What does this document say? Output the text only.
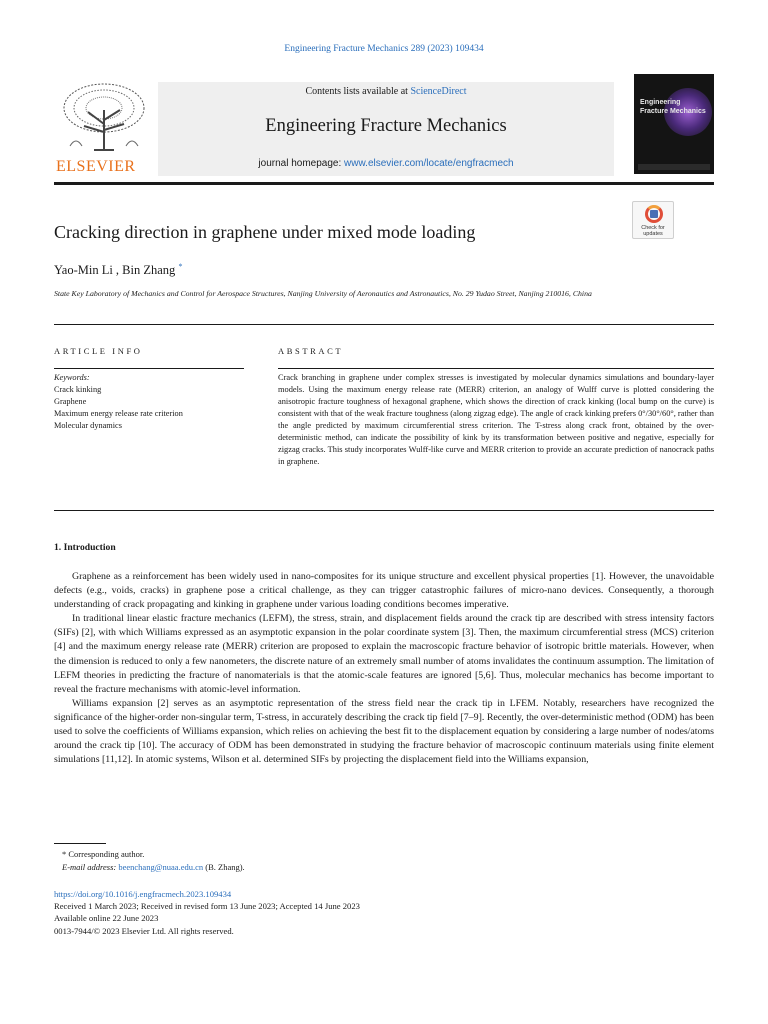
Engineering Fracture Mechanics 289 (2023) 109434
ELSEVIER
Contents lists available at ScienceDirect
Engineering Fracture Mechanics
journal homepage: www.elsevier.com/locate/engfracmech
Engineering
Fracture Mechanics
Cracking direction in graphene under mixed mode loading	Check for
updates
Yao-Min Li , Bin Zhang *
State Key Laboratory of Mechanics and Control for Aerospace Structures, Nanjing University of Aeronautics and Astronautics, No. 29 Yudao Street, Nanjing 210016, China
ARTICLE INFO	ABSTRACT
Keywords:
Crack kinking
Graphene
Maximum energy release rate criterion
Molecular dynamics
Crack branching in graphene under complex stresses is investigated by molecular dynamics simulations and boundary-layer models. Using the maximum energy release rate (MERR) criterion, an analogy of Wulff curve is plotted considering the anisotropic fracture toughness of hexagonal graphene, which shows the direction of crack kinking (local bump on the curve) is consistent with that of the weak fracture toughness (along zigzag edge). The angle of crack kinking prefers 0°/30°/60°, rather than the angle predicted by maximum circumferential stress criterion. The T-stress along crack front, obtained by the over-deterministic method, can indicate the possibility of kink by its transformation between positive and negative, especially for zigzag cracks. This study incorporates Wulff-like curve and MERR criterion to provide an accurate prediction of nanocrack paths in graphene.
1. Introduction

Graphene as a reinforcement has been widely used in nano-composites for its unique structure and excellent physical properties [1]. However, the unavoidable defects (e.g., voids, cracks) in graphene pose a critical challenge, as they can trigger catastrophic failures of micro-nano devices. Consequently, a thorough understanding of crack propagating and kinking in graphene under various loading conditions becomes imperative.

In traditional linear elastic fracture mechanics (LEFM), the stress, strain, and displacement fields around the crack tip are described with stress intensity factors (SIFs) [2], with which Williams expressed as an asymptotic expansion in the polar coordinate system [3]. Then, the maximum circumferential stress (MCS) criterion [4] and the maximum energy release rate (MERR) criterion are proposed to explain the macroscopic fracture behavior of isotropic brittle materials. However, when the dimension is reduced to only a few nanometers, the discrete nature of an extremely small number of atoms invalidates the continuum assumption. The limitation of LEFM theories in predicting the fracture of nanomaterials is that the atomic-scale features are ignored [5,6]. Thus, molecular mechanics has become important to reveal the fracture mechanisms with atomic-level information.

Williams expansion [2] serves as an asymptotic representation of the stress field near the crack tip in LFEM. Notably, researchers have recognized the significance of the higher-order non-singular term, T-stress, in accurately describing the crack tip field [7–9]. Recently, the over-deterministic method (ODM) has been used to solve the coefficients of Williams expansion, which relies on achieving the best fit to the displacement equation by considering a large number of nodes/atoms around the crack tip [10]. The accuracy of ODM has been demonstrated in studying the fracture behavior of macroscopic continuum materials using finite element simulations [11,12]. In atomic systems, Wilson et al. determined SIFs by projecting the displacement field into the Williams expansion,

* Corresponding author.
E-mail address: beenchang@nuaa.edu.cn (B. Zhang).
https://doi.org/10.1016/j.engfracmech.2023.109434
Received 1 March 2023; Received in revised form 13 June 2023; Accepted 14 June 2023
Available online 22 June 2023
0013-7944/© 2023 Elsevier Ltd. All rights reserved.
